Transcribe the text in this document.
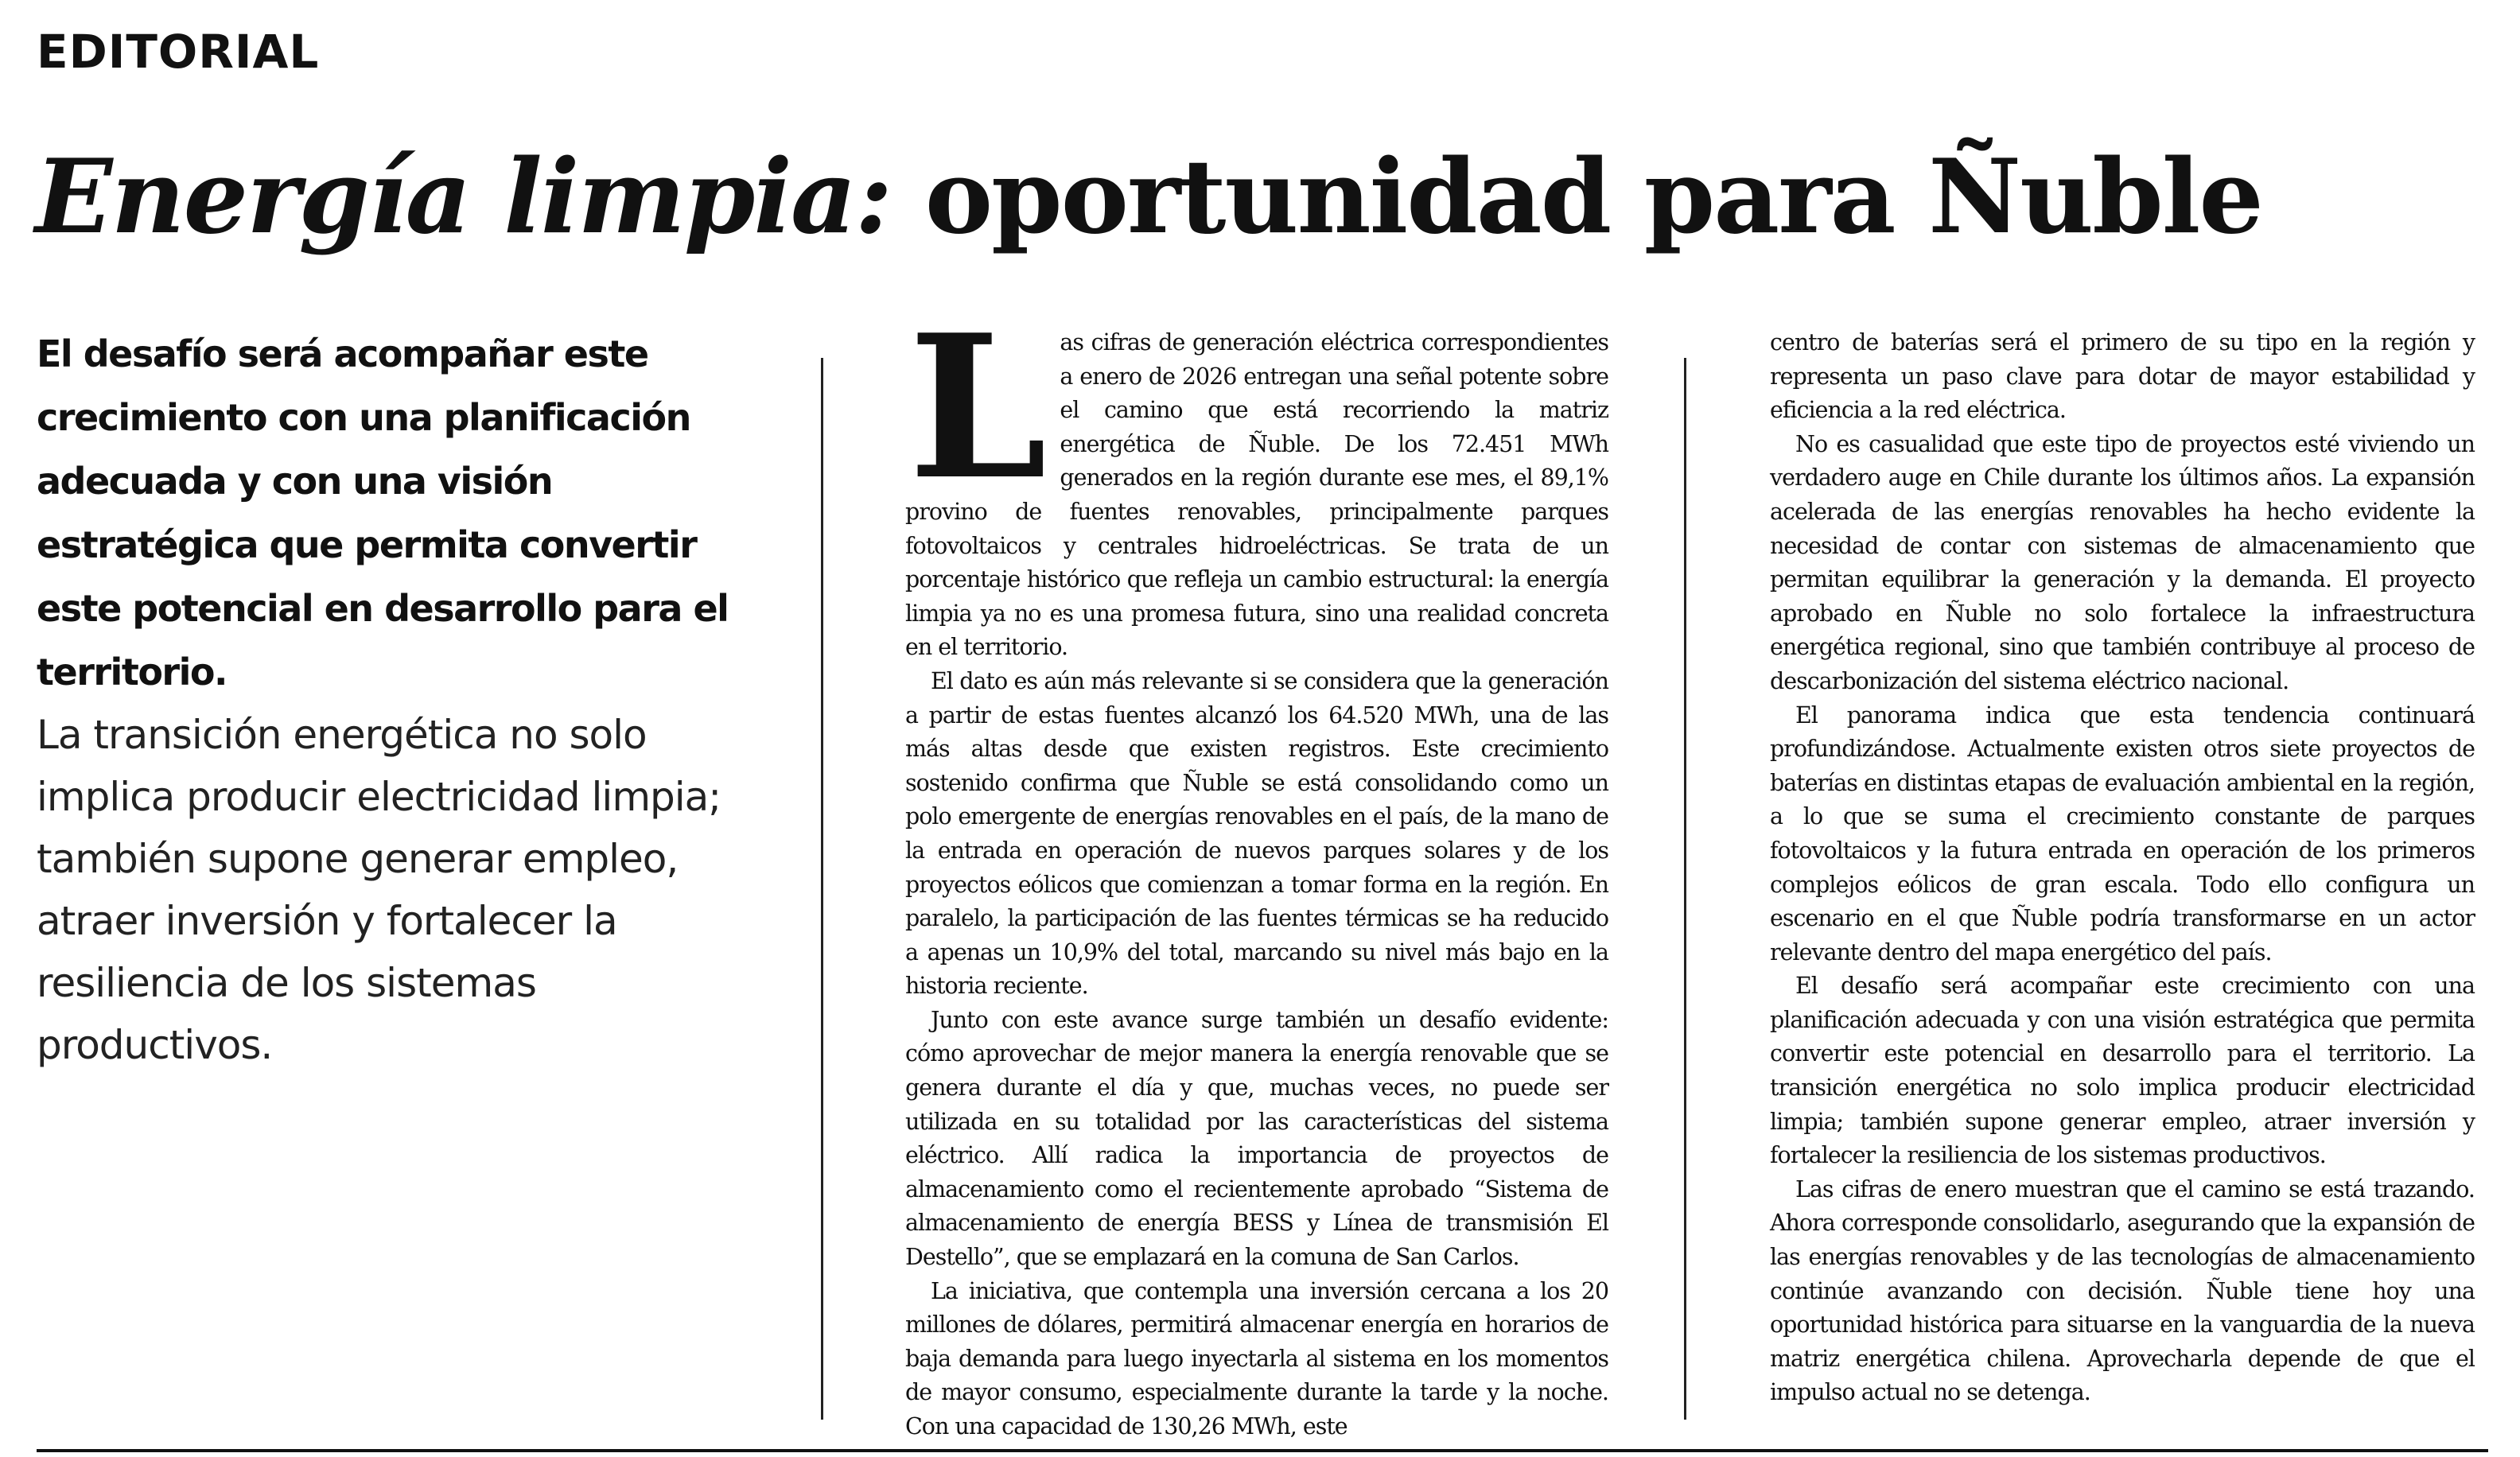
EDITORIAL
Energía limpia: oportunidad para Ñuble

El desafío será acompañar este crecimiento con una planificación adecuada y con una visión estratégica que permita convertir este potencial en desarrollo para el territorio.

La transición energética no solo implica producir electricidad limpia; también supone generar empleo, atraer inversión y fortalecer la resiliencia de los sistemas productivos.

L as cifras de generación eléctrica correspondientes a enero de 2026 entregan una señal potente sobre el camino que está recorriendo la matriz energética de Ñuble. De los 72.451 MWh generados en la región durante ese mes, el 89,1% provino de fuentes renovables, principalmente parques fotovoltaicos y centrales hidroeléctricas. Se trata de un porcentaje histórico que refleja un cambio estructural: la energía limpia ya no es una promesa futura, sino una realidad concreta en el territorio.

El dato es aún más relevante si se considera que la generación a partir de estas fuentes alcanzó los 64.520 MWh, una de las más altas desde que existen registros. Este crecimiento sostenido confirma que Ñuble se está consolidando como un polo emergente de energías renovables en el país, de la mano de la entrada en operación de nuevos parques solares y de los proyectos eólicos que comienzan a tomar forma en la región. En paralelo, la participación de las fuentes térmicas se ha reducido a apenas un 10,9% del total, marcando su nivel más bajo en la historia reciente.

Junto con este avance surge también un desafío evidente: cómo aprovechar de mejor manera la energía renovable que se genera durante el día y que, muchas veces, no puede ser utilizada en su totalidad por las características del sistema eléctrico. Allí radica la importancia de proyectos de almacenamiento como el recientemente aprobado “Sistema de almacenamiento de energía BESS y Línea de transmisión El Destello”, que se emplazará en la comuna de San Carlos.

La iniciativa, que contempla una inversión cercana a los 20 millones de dólares, permitirá almacenar energía en horarios de baja demanda para luego inyectarla al sistema en los momentos de mayor consumo, especialmente durante la tarde y la noche. Con una capacidad de 130,26 MWh, este

centro de baterías será el primero de su tipo en la región y representa un paso clave para dotar de mayor estabilidad y eficiencia a la red eléctrica.

No es casualidad que este tipo de proyectos esté viviendo un verdadero auge en Chile durante los últimos años. La expansión acelerada de las energías renovables ha hecho evidente la necesidad de contar con sistemas de almacenamiento que permitan equilibrar la generación y la demanda. El proyecto aprobado en Ñuble no solo fortalece la infraestructura energética regional, sino que también contribuye al proceso de descarbonización del sistema eléctrico nacional.

El panorama indica que esta tendencia continuará profundizándose. Actualmente existen otros siete proyectos de baterías en distintas etapas de evaluación ambiental en la región, a lo que se suma el crecimiento constante de parques fotovoltaicos y la futura entrada en operación de los primeros complejos eólicos de gran escala. Todo ello configura un escenario en el que Ñuble podría transformarse en un actor relevante dentro del mapa energético del país.

El desafío será acompañar este crecimiento con una planificación adecuada y con una visión estratégica que permita convertir este potencial en desarrollo para el territorio. La transición energética no solo implica producir electricidad limpia; también supone generar empleo, atraer inversión y fortalecer la resiliencia de los sistemas productivos.

Las cifras de enero muestran que el camino se está trazando. Ahora corresponde consolidarlo, asegurando que la expansión de las energías renovables y de las tecnologías de almacenamiento continúe avanzando con decisión. Ñuble tiene hoy una oportunidad histórica para situarse en la vanguardia de la nueva matriz energética chilena. Aprovecharla depende de que el impulso actual no se detenga.
